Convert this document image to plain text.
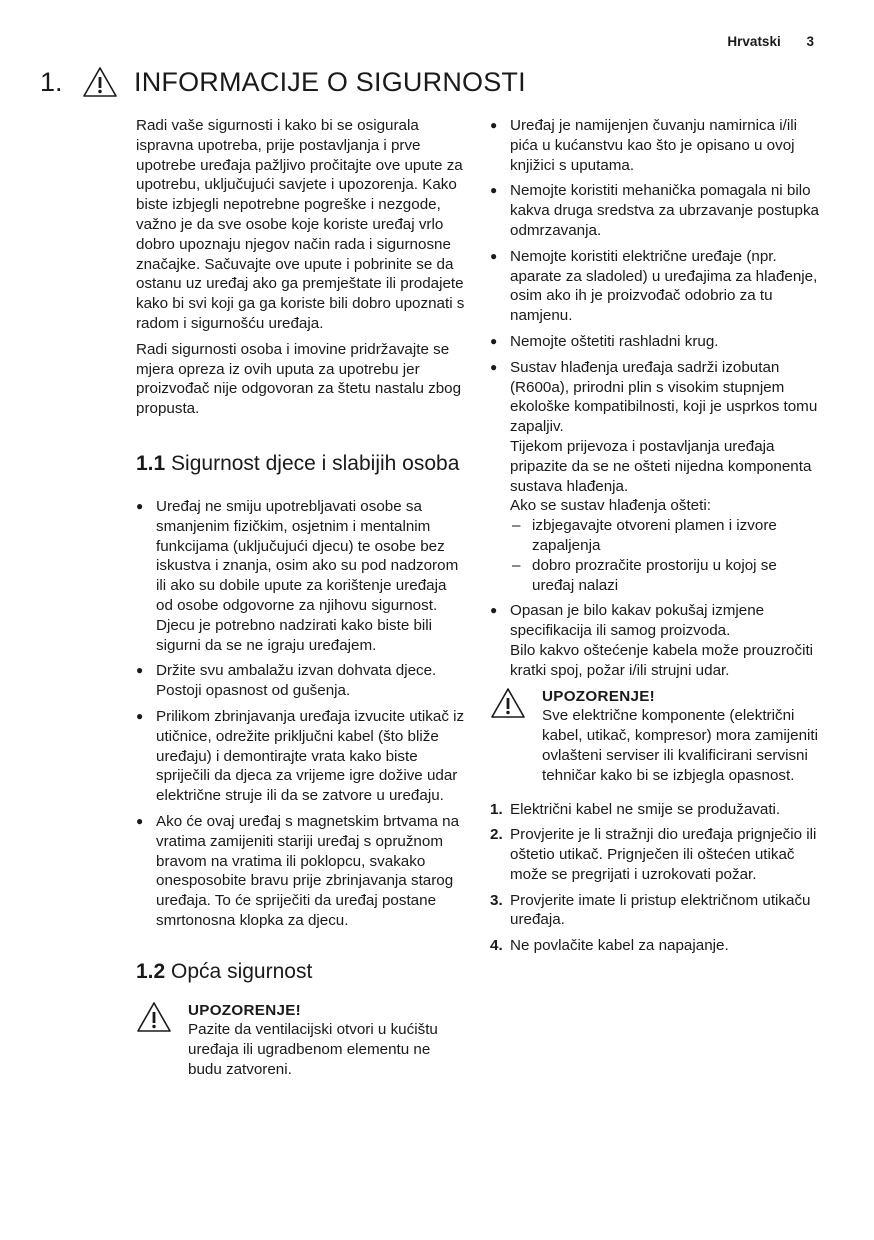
Hrvatski 3
1.	INFORMACIJE O SIGURNOSTI

Radi vaše sigurnosti i kako bi se osigurala ispravna upotreba, prije postavljanja i prve upotrebe uređaja pažljivo pročitajte ove upute za upotrebu, uključujući savjete i upozorenja. Kako biste izbjegli nepotrebne pogreške i nezgode, važno je da sve osobe koje koriste uređaj vrlo dobro upoznaju njegov način rada i sigurnosne značajke. Sačuvajte ove upute i pobrinite se da ostanu uz uređaj ako ga premještate ili prodajete kako bi svi koji ga ga koriste bili dobro upoznati s radom i sigurnošću uređaja.

Radi sigurnosti osoba i imovine pridržavajte se mjera opreza iz ovih uputa za upotrebu jer proizvođač nije odgovoran za štetu nastalu zbog propusta.

1.1 Sigurnost djece i slabijih osoba
● Uređaj ne smiju upotrebljavati osobe sa smanjenim fizičkim, osjetnim i mentalnim funkcijama (uključujući djecu) te osobe bez iskustva i znanja, osim ako su pod nadzorom ili ako su dobile upute za korištenje uređaja od osobe odgovorne za njihovu sigurnost. Djecu je potrebno nadzirati kako biste bili sigurni da se ne igraju uređajem.
● Držite svu ambalažu izvan dohvata djece. Postoji opasnost od gušenja.
● Prilikom zbrinjavanja uređaja izvucite utikač iz utičnice, odrežite priključni kabel (što bliže uređaju) i demontirajte vrata kako biste spriječili da djeca za vrijeme igre dožive udar električne struje ili da se zatvore u uređaju.
● Ako će ovaj uređaj s magnetskim brtvama na vratima zamijeniti stariji uređaj s opružnom bravom na vratima ili poklopcu, svakako onesposobite bravu prije zbrinjavanja starog uređaja. To će spriječiti da uređaj postane smrtonosna klopka za djecu.
1.2 Opća sigurnost
UPOZORENJE!
Pazite da ventilacijski otvori u kućištu uređaja ili ugradbenom elementu ne budu zatvoreni.
● Uređaj je namijenjen čuvanju namirnica i/ili pića u kućanstvu kao što je opisano u ovoj knjižici s uputama.
● Nemojte koristiti mehanička pomagala ni bilo kakva druga sredstva za ubrzavanje postupka odmrzavanja.
● Nemojte koristiti električne uređaje (npr. aparate za sladoled) u uređajima za hlađenje, osim ako ih je proizvođač odobrio za tu namjenu.
● Nemojte oštetiti rashladni krug.
● Sustav hlađenja uređaja sadrži izobutan (R600a), prirodni plin s visokim stupnjem ekološke kompatibilnosti, koji je usprkos tomu zapaljiv.
Tijekom prijevoza i postavljanja uređaja pripazite da se ne ošteti nijedna komponenta sustava hlađenja.
Ako se sustav hlađenja ošteti:
– izbjegavajte otvoreni plamen i izvore zapaljenja
– dobro prozračite prostoriju u kojoj se uređaj nalazi
● Opasan je bilo kakav pokušaj izmjene specifikacija ili samog proizvoda.
Bilo kakvo oštećenje kabela može prouzročiti kratki spoj, požar i/ili strujni udar.
UPOZORENJE!
Sve električne komponente (električni kabel, utikač, kompresor) mora zamijeniti ovlašteni serviser ili kvalificirani servisni tehničar kako bi se izbjegla opasnost.
1. Električni kabel ne smije se produžavati.
2. Provjerite je li stražnji dio uređaja prignječio ili oštetio utikač. Prignječen ili oštećen utikač može se pregrijati i uzrokovati požar.
3. Provjerite imate li pristup električnom utikaču uređaja.
4. Ne povlačite kabel za napajanje.
